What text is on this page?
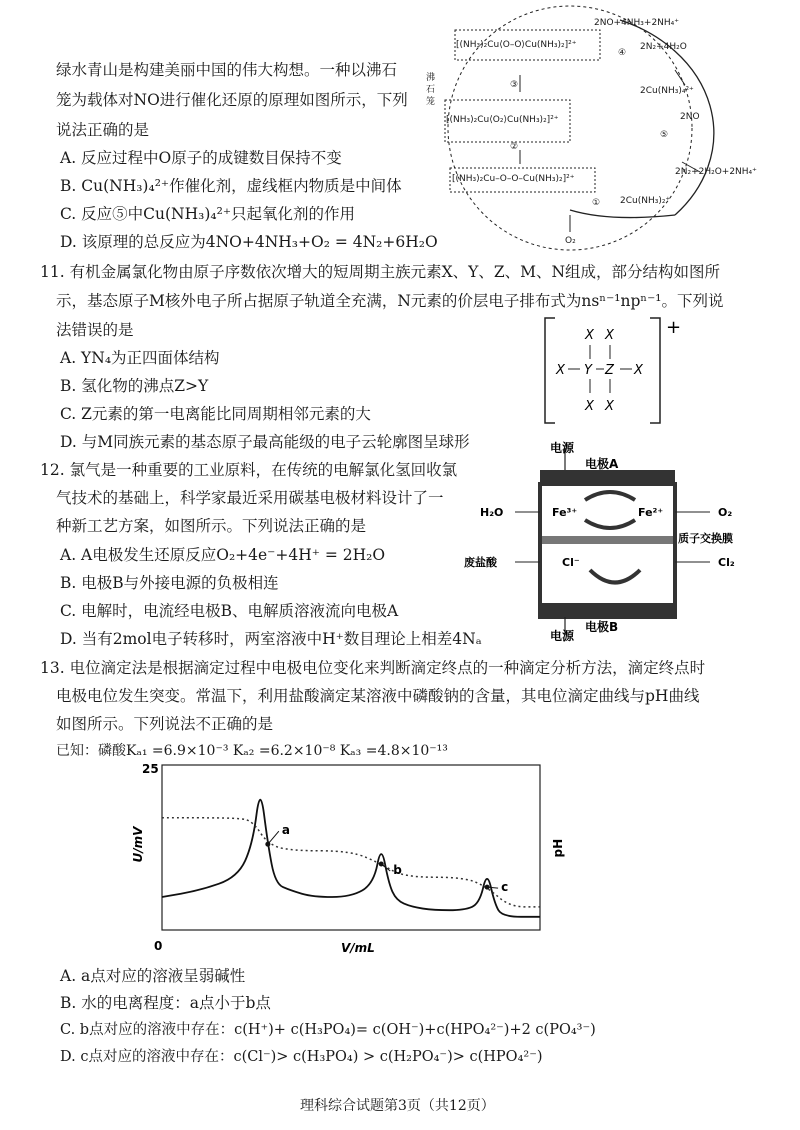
绿水青山是构建美丽中国的伟大构想。一种以沸石
笼为载体对NO进行催化还原的原理如图所示，下列
说法正确的是
A. 反应过程中O原子的成键数目保持不变
B. Cu(NH₃)₄²⁺作催化剂，虚线框内物质是中间体
C. 反应⑤中Cu(NH₃)₄²⁺只起氧化剂的作用
D. 该原理的总反应为4NO+4NH₃+O₂ = 4N₂+6H₂O
[(NH₃)₂Cu⟨O–O⟩Cu(NH₃)₂]²⁺
[(NH₃)₂Cu⟨O₂⟩Cu(NH₃)₂]²⁺
[(NH₃)₂Cu–O–O–Cu(NH₃)₂]²⁺
沸
石
笼
2NO+4NH₃+2NH₄⁺
2N₂+4H₂O
2Cu(NH₃)₄²⁺
2NO
2N₂+2H₂O+2NH₄⁺
2Cu(NH₃)₂⁺
O₂
①
②
③
④
⑤
11. 有机金属氯化物由原子序数依次增大的短周期主族元素X、Y、Z、M、N组成，部分结构如图所
示，基态原子M核外电子所占据原子轨道全充满，N元素的价层电子排布式为nsⁿ⁻¹npⁿ⁻¹。下列说
法错误的是
A. YN₄为正四面体结构
B. 氢化物的沸点Z>Y
C. Z元素的第一电离能比同周期相邻元素的大
D. 与M同族元素的基态原子最高能级的电子云轮廓图呈球形
X X
X Y Z X
X X
+
12. 氯气是一种重要的工业原料，在传统的电解氯化氢回收氯
气技术的基础上，科学家最近采用碳基电极材料设计了一
种新工艺方案，如图所示。下列说法正确的是
A. A电极发生还原反应O₂+4e⁻+4H⁺ = 2H₂O
B. 电极B与外接电源的负极相连
C. 电解时，电流经电极B、电解质溶液流向电极A
D. 当有2mol电子转移时，两室溶液中H⁺数目理论上相差4Nₐ
电源
电极A
Fe³⁺	Fe²⁺
H₂O	O₂
质子交换膜
废盐酸	Cl⁻	Cl₂
电极B
电源
13. 电位滴定法是根据滴定过程中电极电位变化来判断滴定终点的一种滴定分析方法，滴定终点时
电极电位发生突变。常温下，利用盐酸滴定某溶液中磷酸钠的含量，其电位滴定曲线与pH曲线
如图所示。下列说法不正确的是
已知：磷酸Kₐ₁ =6.9×10⁻³ Kₐ₂ =6.2×10⁻⁸ Kₐ₃ =4.8×10⁻¹³
25
0	V/mL
U/mV	pH
a
b
c
A. a点对应的溶液呈弱碱性
B. 水的电离程度：a点小于b点
C. b点对应的溶液中存在：c(H⁺)+ c(H₃PO₄)= c(OH⁻)+c(HPO₄²⁻)+2 c(PO₄³⁻)
D. c点对应的溶液中存在：c(Cl⁻)> c(H₃PO₄) > c(H₂PO₄⁻)> c(HPO₄²⁻)
理科综合试题第3页（共12页）
